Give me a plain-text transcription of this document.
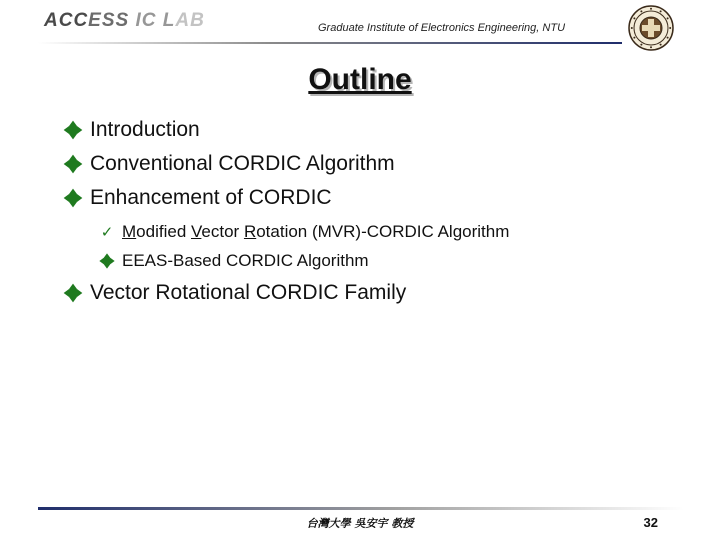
ACCESS IC LAB	Graduate Institute of Electronics Engineering, NTU
Outline
Introduction
Conventional CORDIC Algorithm
Enhancement of CORDIC
✓ Modified Vector Rotation (MVR)-CORDIC Algorithm
EEAS-Based CORDIC Algorithm
Vector Rotational CORDIC Family
台灣大學 吳安宇 教授	32
